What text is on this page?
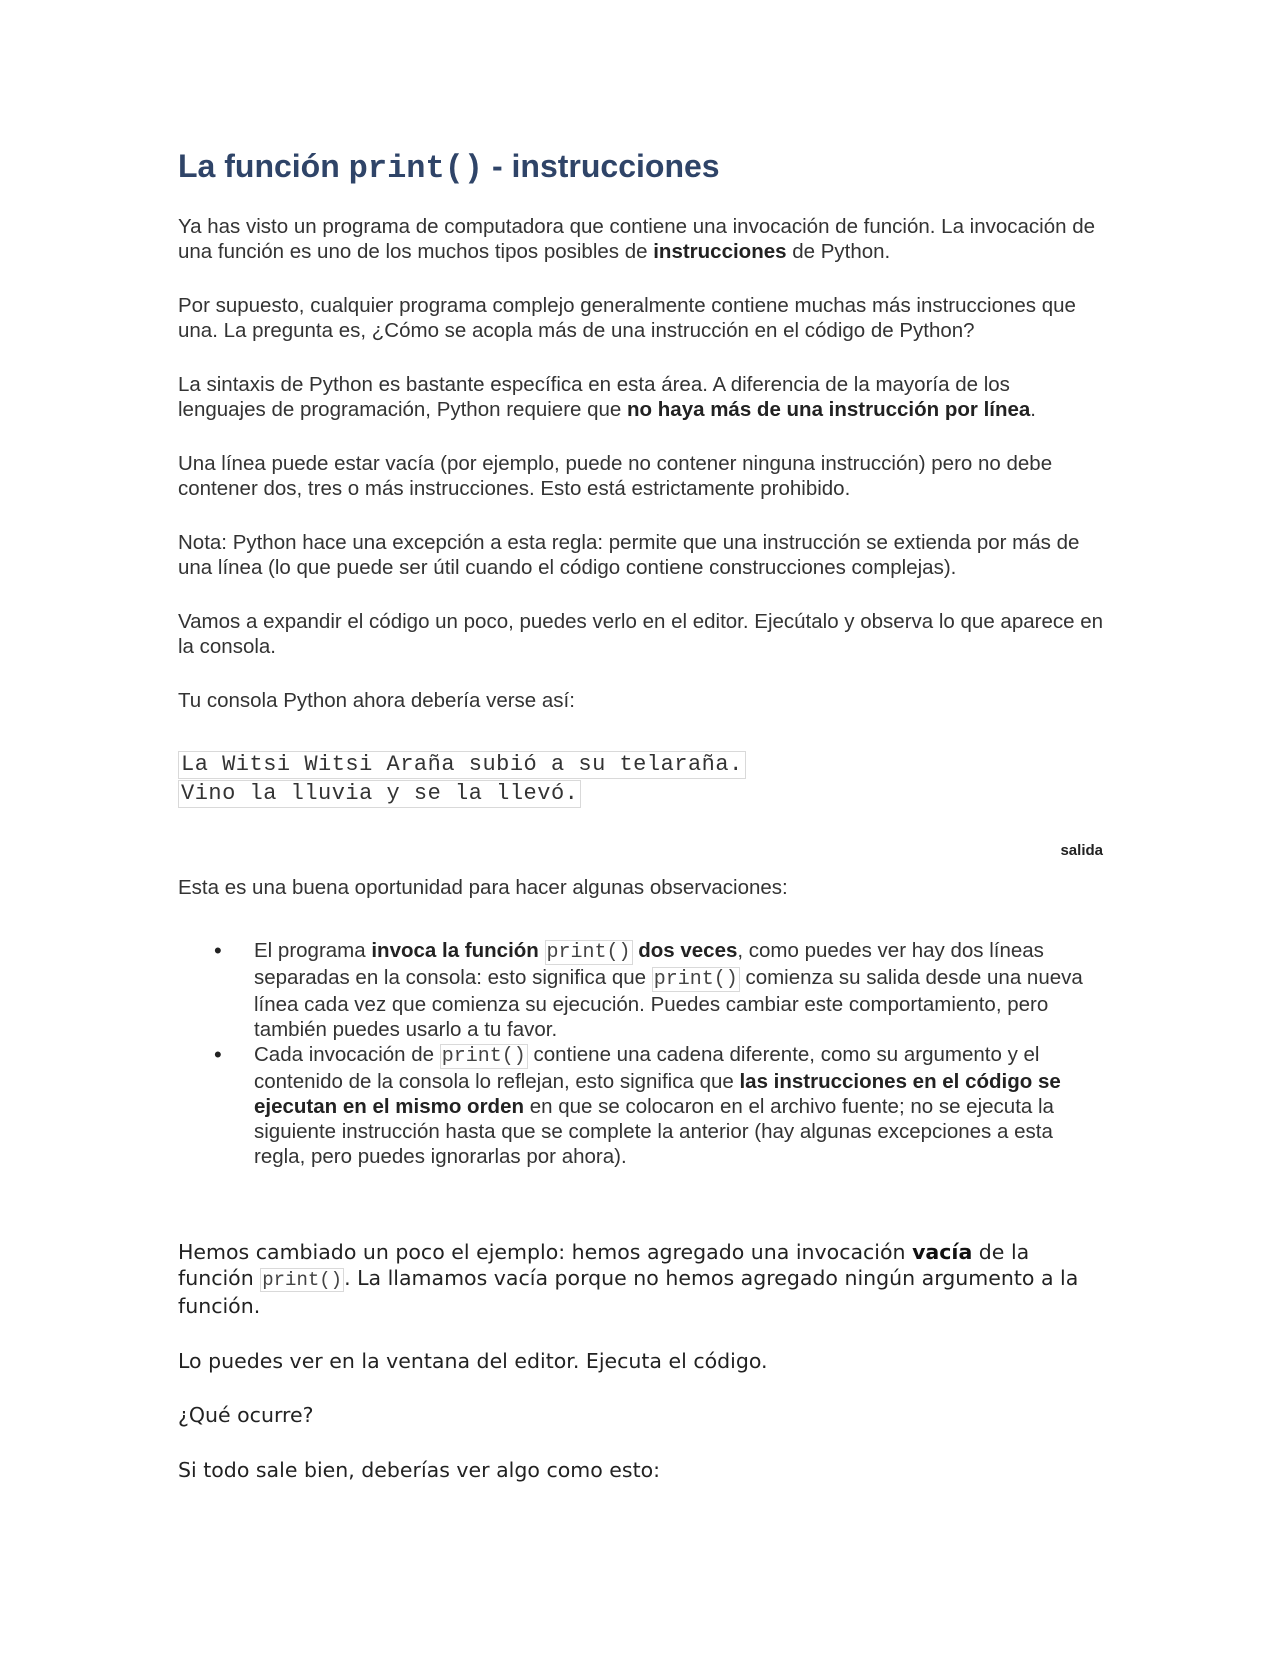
La función print() - instrucciones

Ya has visto un programa de computadora que contiene una invocación de función. La invocación de una función es uno de los muchos tipos posibles de instrucciones de Python.

Por supuesto, cualquier programa complejo generalmente contiene muchas más instrucciones que una. La pregunta es, ¿Cómo se acopla más de una instrucción en el código de Python?

La sintaxis de Python es bastante específica en esta área. A diferencia de la mayoría de los lenguajes de programación, Python requiere que no haya más de una instrucción por línea.

Una línea puede estar vacía (por ejemplo, puede no contener ninguna instrucción) pero no debe contener dos, tres o más instrucciones. Esto está estrictamente prohibido.

Nota: Python hace una excepción a esta regla: permite que una instrucción se extienda por más de una línea (lo que puede ser útil cuando el código contiene construcciones complejas).

Vamos a expandir el código un poco, puedes verlo en el editor. Ejecútalo y observa lo que aparece en la consola.

Tu consola Python ahora debería verse así:

La Witsi Witsi Araña subió a su telaraña.
Vino la lluvia y se la llevó.
salida

Esta es una buena oportunidad para hacer algunas observaciones:

• El programa invoca la función print() dos veces, como puedes ver hay dos líneas separadas en la consola: esto significa que print() comienza su salida desde una nueva línea cada vez que comienza su ejecución. Puedes cambiar este comportamiento, pero también puedes usarlo a tu favor.
• Cada invocación de print() contiene una cadena diferente, como su argumento y el contenido de la consola lo reflejan, esto significa que las instrucciones en el código se ejecutan en el mismo orden en que se colocaron en el archivo fuente; no se ejecuta la siguiente instrucción hasta que se complete la anterior (hay algunas excepciones a esta regla, pero puedes ignorarlas por ahora).

Hemos cambiado un poco el ejemplo: hemos agregado una invocación vacía de la función print(). La llamamos vacía porque no hemos agregado ningún argumento a la función.

Lo puedes ver en la ventana del editor. Ejecuta el código.

¿Qué ocurre?

Si todo sale bien, deberías ver algo como esto:
